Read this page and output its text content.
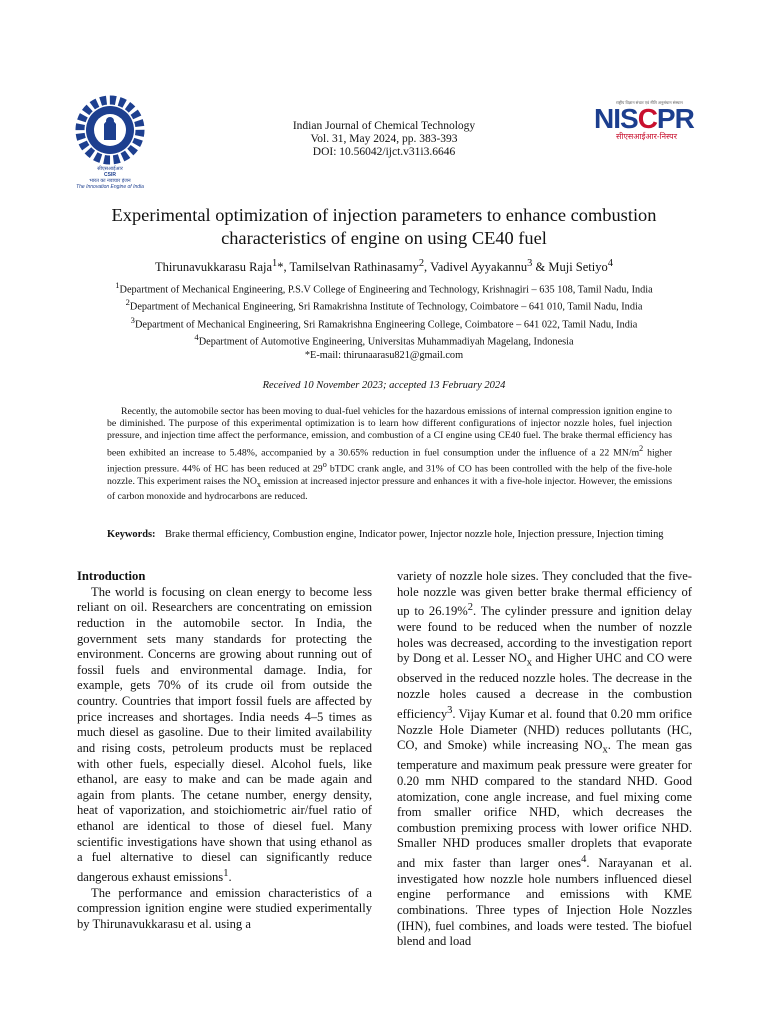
सीएसआईआर
CSIR
भारत का नवाचार इंजन
The Innovation Engine of India
Indian Journal of Chemical Technology
Vol. 31, May 2024, pp. 383-393
DOI: 10.56042/ijct.v31i3.6646
राष्ट्रीय विज्ञान संचार एवं नीति अनुसंधान संस्थान
NISCPR
सीएसआईआर-निस्पर
Experimental optimization of injection parameters to enhance combustion
characteristics of engine on using CE40 fuel
Thirunavukkarasu Raja$^1$*, Tamilselvan Rathinasamy$^2$, Vadivel Ayyakannu$^3$ & Muji Setiyo$^4$
$^1$Department of Mechanical Engineering, P.S.V College of Engineering and Technology, Krishnagiri – 635 108, Tamil Nadu, India
$^2$Department of Mechanical Engineering, Sri Ramakrishna Institute of Technology, Coimbatore – 641 010, Tamil Nadu, India
$^3$Department of Mechanical Engineering, Sri Ramakrishna Engineering College, Coimbatore – 641 022, Tamil Nadu, India
$^4$Department of Automotive Engineering, Universitas Muhammadiyah Magelang, Indonesia
*E-mail: thirunaarasu821@gmail.com
Received 10 November 2023; accepted 13 February 2024
Recently, the automobile sector has been moving to dual-fuel vehicles for the hazardous emissions of internal compression ignition engine to be diminished. The purpose of this experimental optimization is to learn how different configurations of injector nozzle holes, fuel injection pressure, and injection time affect the performance, emission, and combustion of a CI engine using CE40 fuel. The brake thermal efficiency has been exhibited an increase to 5.48%, accompanied by a 30.65% reduction in fuel consumption under the influence of a 22 $MN/m^2$ higher injection pressure. 44% of HC has been reduced at 29$^o$ bTDC crank angle, and 31% of CO has been controlled with the help of the five-hole nozzle. This experiment raises the $NO_x$ emission at increased injector pressure and enhances it with a five-hole injector. However, the emissions of carbon monoxide and hydrocarbons are reduced.
Keywords: Brake thermal efficiency, Combustion engine, Indicator power, Injector nozzle hole, Injection pressure, Injection timing
Introduction

The world is focusing on clean energy to become less reliant on oil. Researchers are concentrating on emission reduction in the automobile sector. In India, the government sets many standards for protecting the environment. Concerns are growing about running out of fossil fuels and environmental damage. India, for example, gets 70% of its crude oil from outside the country. Countries that import fossil fuels are affected by price increases and shortages. India needs 4–5 times as much diesel as gasoline. Due to their limited availability and rising costs, petroleum products must be replaced with other fuels, especially diesel. Alcohol fuels, like ethanol, are easy to make and can be made again and again from plants. The cetane number, energy density, heat of vaporization, and stoichiometric air/fuel ratio of ethanol are identical to those of diesel fuel. Many scientific investigations have shown that using ethanol as a fuel alternative to diesel can significantly reduce dangerous exhaust emissions$^1$.

The performance and emission characteristics of a compression ignition engine were studied experimentally by Thirunavukkarasu et al. using a

variety of nozzle hole sizes. They concluded that the five-hole nozzle was given better brake thermal efficiency of up to 26.19%$^2$. The cylinder pressure and ignition delay were found to be reduced when the number of nozzle holes was decreased, according to the investigation report by Dong et al. Lesser $NO_x$ and Higher UHC and CO were observed in the reduced nozzle holes. The decrease in the nozzle holes caused a decrease in the combustion efficiency$^3$. Vijay Kumar et al. found that 0.20 mm orifice Nozzle Hole Diameter (NHD) reduces pollutants (HC, CO, and Smoke) while increasing $NO_x$. The mean gas temperature and maximum peak pressure were greater for 0.20 mm NHD compared to the standard NHD. Good atomization, cone angle increase, and fuel mixing come from smaller orifice NHD, which decreases the combustion premixing process with lower orifice NHD. Smaller NHD produces smaller droplets that evaporate and mix faster than larger ones$^4$. Narayanan et al. investigated how nozzle hole numbers influenced diesel engine performance and emissions with KME combinations. Three types of Injection Hole Nozzles (IHN), fuel combines, and loads were tested. The biofuel blend and load
